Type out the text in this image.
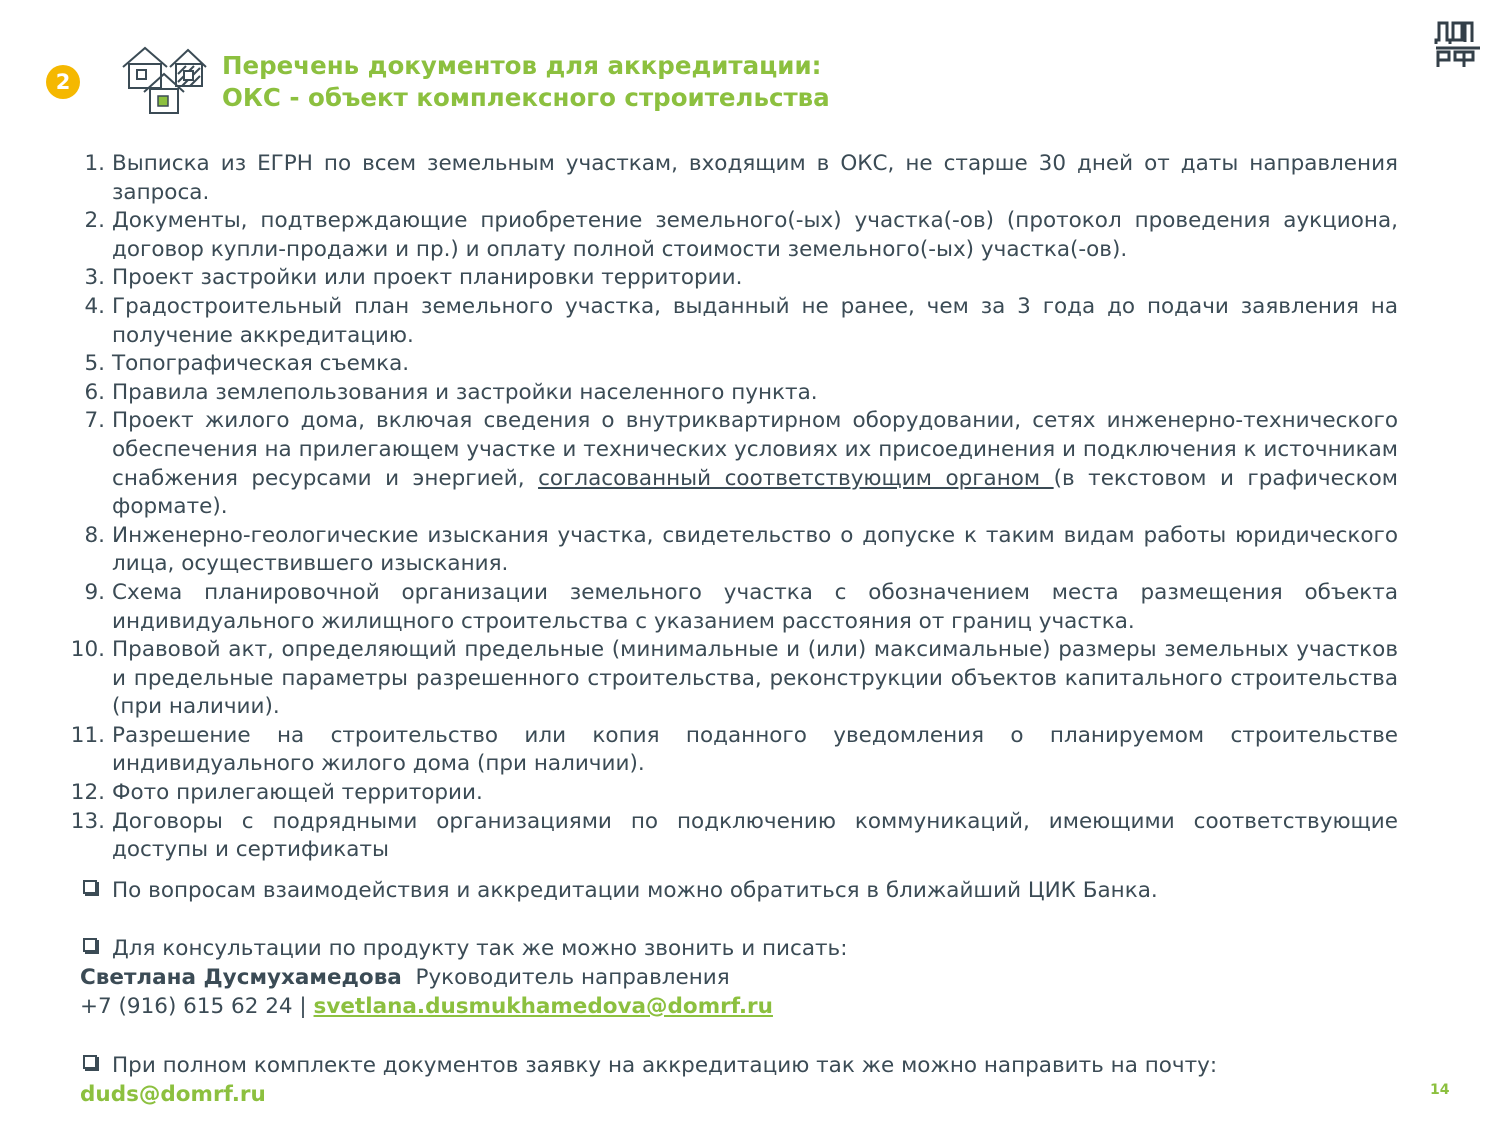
2
Перечень документов для аккредитации:
ОКС - объект комплексного строительства
1. Выписка из ЕГРН по всем земельным участкам, входящим в ОКС, не старше 30 дней от даты направления запроса.
2. Документы, подтверждающие приобретение земельного(-ых) участка(-ов) (протокол проведения аукциона, договор купли-продажи и пр.) и оплату полной стоимости земельного(-ых) участка(-ов).
3. Проект застройки или проект планировки территории.
4. Градостроительный план земельного участка, выданный не ранее, чем за 3 года до подачи заявления на получение аккредитацию.
5. Топографическая съемка.
6. Правила землепользования и застройки населенного пункта.
7. Проект жилого дома, включая сведения о внутриквартирном оборудовании, сетях инженерно-технического обеспечения на прилегающем участке и технических условиях их присоединения и подключения к источникам снабжения ресурсами и энергией, согласованный соответствующим органом (в текстовом и графическом формате).
8. Инженерно-геологические изыскания участка, свидетельство о допуске к таким видам работы юридического лица, осуществившего изыскания.
9. Схема планировочной организации земельного участка с обозначением места размещения объекта индивидуального жилищного строительства с указанием расстояния от границ участка.
10. Правовой акт, определяющий предельные (минимальные и (или) максимальные) размеры земельных участков и предельные параметры разрешенного строительства, реконструкции объектов капитального строительства (при наличии).
11. Разрешение на строительство или копия поданного уведомления о планируемом строительстве индивидуального жилого дома (при наличии).
12. Фото прилегающей территории.
13. Договоры с подрядными организациями по подключению коммуникаций, имеющими соответствующие доступы и сертификаты
По вопросам взаимодействия и аккредитации можно обратиться в ближайший ЦИК Банка.
Для консультации по продукту так же можно звонить и писать:
Светлана Дусмухамедова Руководитель направления
+7 (916) 615 62 24 | svetlana.dusmukhamedova@domrf.ru
При полном комплекте документов заявку на аккредитацию так же можно направить на почту:
duds@domrf.ru	14
